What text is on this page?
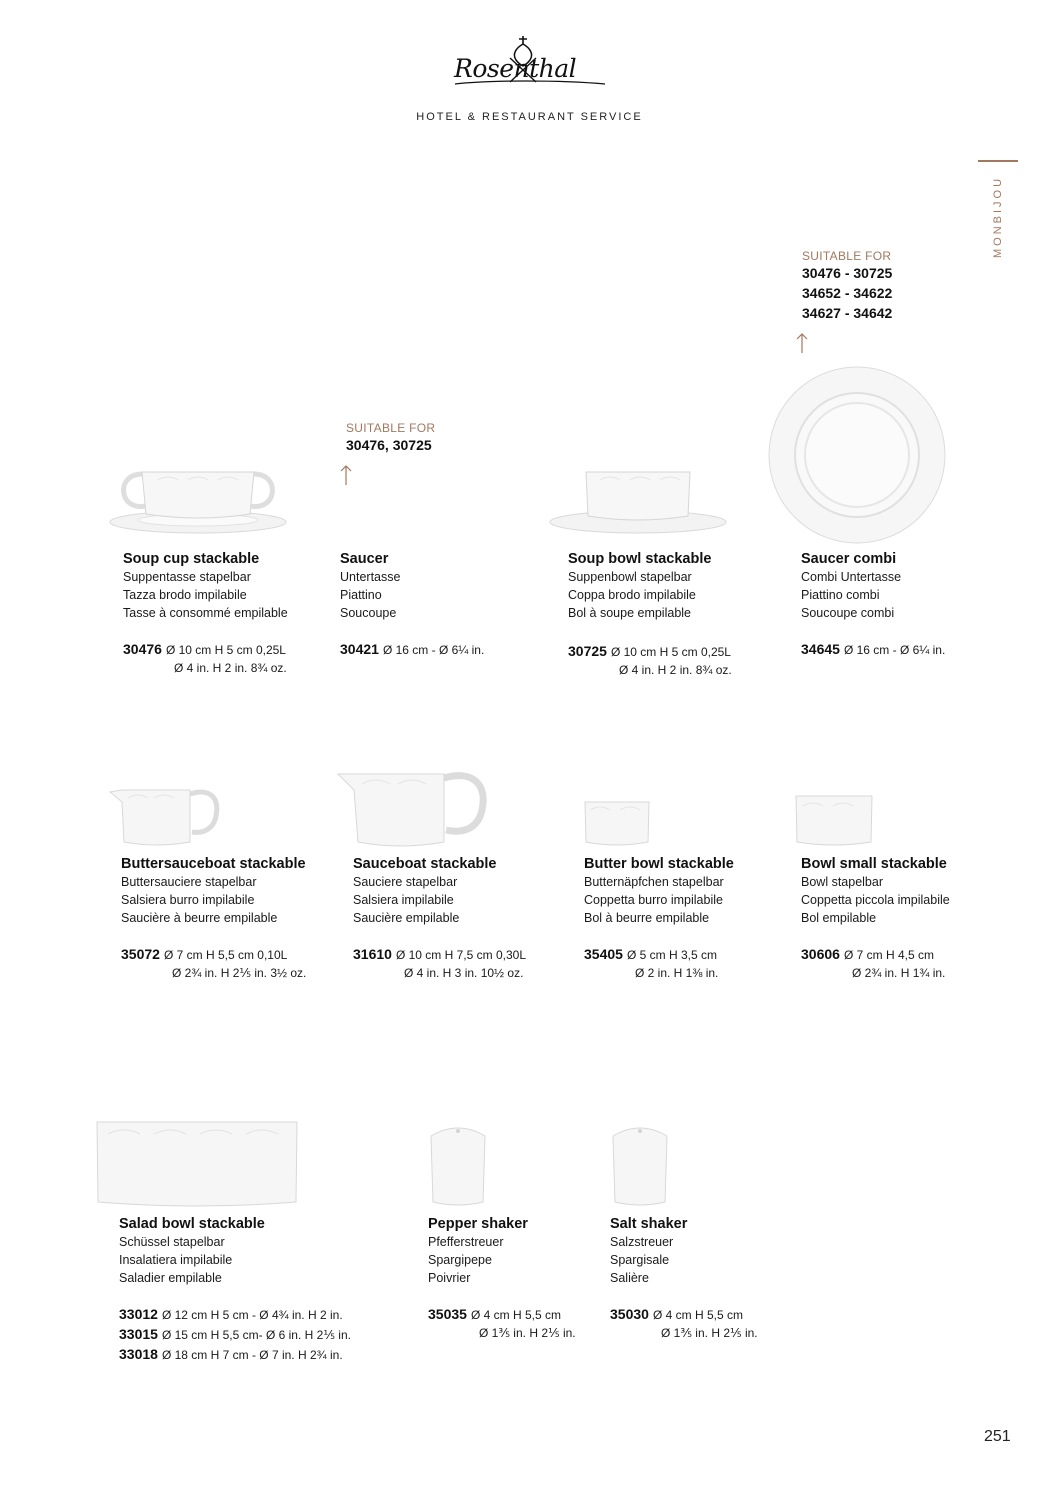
Rosenthal
HOTEL & RESTAURANT SERVICE
MONBIJOU
SUITABLE FOR
30476, 30725
SUITABLE FOR
30476 - 30725
34652 - 34622
34627 - 34642
Soup cup stackable
Suppentasse stapelbar
Tazza brodo impilabile
Tasse à consommé empilable
30476 Ø 10 cm H 5 cm 0,25L
Ø 4 in. H 2 in. 8¾ oz.
Saucer
Untertasse
Piattino
Soucoupe
30421 Ø 16 cm - Ø 6¼ in.
Soup bowl stackable
Suppenbowl stapelbar
Coppa brodo impilabile
Bol à soupe empilable
30725 Ø 10 cm H 5 cm 0,25L
Ø 4 in. H 2 in. 8¾ oz.
Saucer combi
Combi Untertasse
Piattino combi
Soucoupe combi
34645 Ø 16 cm - Ø 6¼ in.
Buttersauceboat stackable
Buttersauciere stapelbar
Salsiera burro impilabile
Saucière à beurre empilable
35072 Ø 7 cm H 5,5 cm 0,10L
Ø 2¾ in. H 2⅕ in. 3½ oz.
Sauceboat stackable
Sauciere stapelbar
Salsiera impilabile
Saucière empilable
31610 Ø 10 cm H 7,5 cm 0,30L
Ø 4 in. H 3 in. 10½ oz.
Butter bowl stackable
Butternäpfchen stapelbar
Coppetta burro impilabile
Bol à beurre empilable
35405 Ø 5 cm H 3,5 cm
Ø 2 in. H 1⅜ in.
Bowl small stackable
Bowl stapelbar
Coppetta piccola impilabile
Bol empilable
30606 Ø 7 cm H 4,5 cm
Ø 2¾ in. H 1¾ in.
Salad bowl stackable
Schüssel stapelbar
Insalatiera impilabile
Saladier empilable
33012 Ø 12 cm H 5 cm - Ø 4¾ in. H 2 in.
33015 Ø 15 cm H 5,5 cm- Ø 6 in. H 2⅕ in.
33018 Ø 18 cm H 7 cm - Ø 7 in. H 2¾ in.
Pepper shaker
Pfefferstreuer
Spargipepe
Poivrier
35035 Ø 4 cm H 5,5 cm
Ø 1⅗ in. H 2⅕ in.
Salt shaker
Salzstreuer
Spargisale
Salière
35030 Ø 4 cm H 5,5 cm
Ø 1⅗ in. H 2⅕ in.
251
